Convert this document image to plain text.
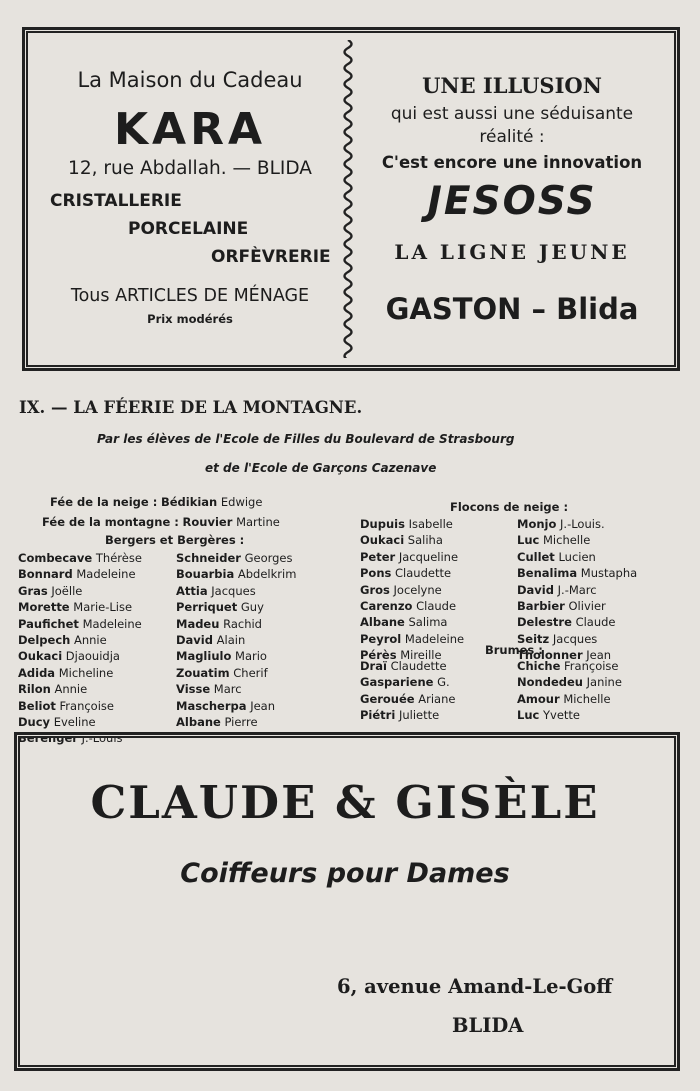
La Maison du Cadeau
KARA
12, rue Abdallah. — BLIDA
CRISTALLERIE
PORCELAINE
ORFÈVRERIE
Tous ARTICLES DE MÉNAGE
Prix modérés
UNE ILLUSION
qui est aussi une séduisante
réalité :
C'est encore une innovation
JESOSS
LA LIGNE JEUNE
GASTON – Blida
IX. — LA FÉERIE DE LA MONTAGNE.
Par les élèves de l'Ecole de Filles du Boulevard de Strasbourg
et de l'Ecole de Garçons Cazenave
Fée de la neige : Bédikian Edwige
Fée de la montagne : Rouvier Martine
Bergers et Bergères :
Flocons de neige :
Brumes :
Combecave Thérèse
Bonnard Madeleine
Gras Joëlle
Morette Marie-Lise
Paufichet Madeleine
Delpech Annie
Oukaci Djaouidja
Adida Micheline
Rilon Annie
Beliot Françoise
Ducy Eveline
Bérenger J.-Louis
Schneider Georges
Bouarbia Abdelkrim
Attia Jacques
Perriquet Guy
Madeu Rachid
David Alain
Magliulo Mario
Zouatim Cherif
Visse Marc
Mascherpa Jean
Albane Pierre
Dupuis Isabelle
Oukaci Saliha
Peter Jacqueline
Pons Claudette
Gros Jocelyne
Carenzo Claude
Albane Salima
Peyrol Madeleine
Pérès Mireille
Monjo J.-Louis.
Luc Michelle
Cullet Lucien
Benalima Mustapha
David J.-Marc
Barbier Olivier
Delestre Claude
Seitz Jacques
Tholonner Jean
Draï Claudette
Gaspariene G.
Gerouée Ariane
Piétri Juliette
Chiche Françoise
Nondedeu Janine
Amour Michelle
Luc Yvette
CLAUDE & GISÈLE
Coiffeurs pour Dames
6, avenue Amand-Le-Goff
BLIDA
